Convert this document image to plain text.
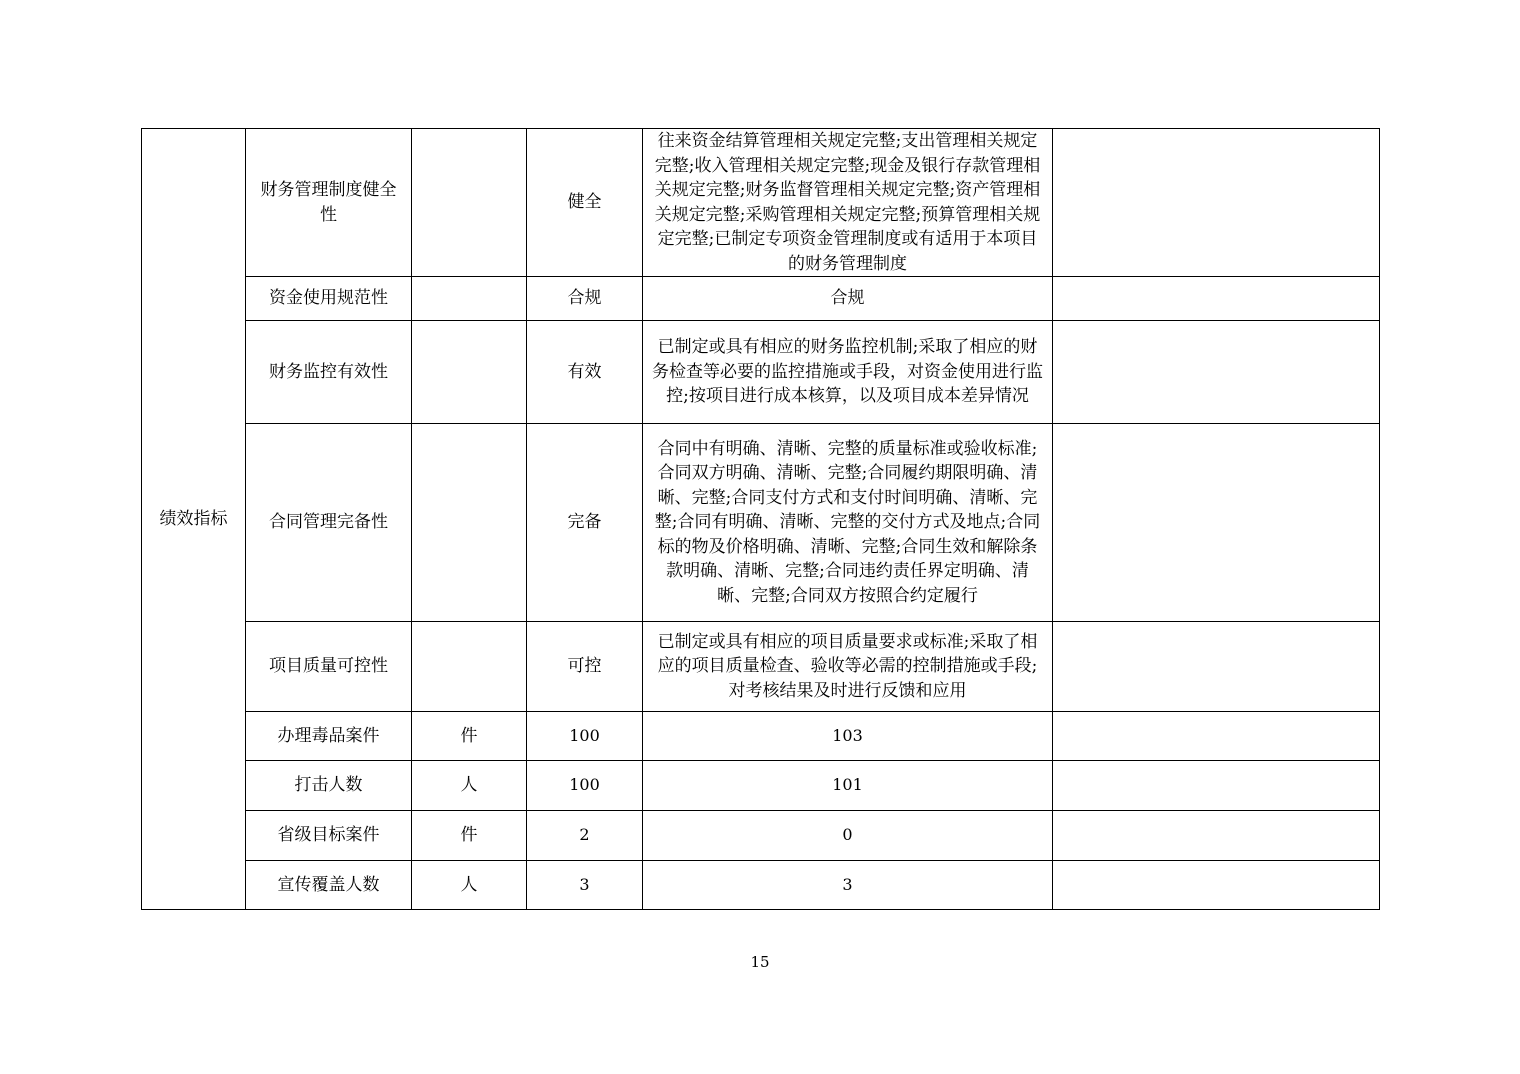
绩效指标	财务管理制度健全性		健全	往来资金结算管理相关规定完整;支出管理相关规定完整;收入管理相关规定完整;现金及银行存款管理相关规定完整;财务监督管理相关规定完整;资产管理相关规定完整;采购管理相关规定完整;预算管理相关规定完整;已制定专项资金管理制度或有适用于本项目的财务管理制度	
	资金使用规范性		合规	合规	
	财务监控有效性		有效	已制定或具有相应的财务监控机制;采取了相应的财务检查等必要的监控措施或手段，对资金使用进行监控;按项目进行成本核算，以及项目成本差异情况	
	合同管理完备性		完备	合同中有明确、清晰、完整的质量标准或验收标准;合同双方明确、清晰、完整;合同履约期限明确、清晰、完整;合同支付方式和支付时间明确、清晰、完整;合同有明确、清晰、完整的交付方式及地点;合同标的物及价格明确、清晰、完整;合同生效和解除条款明确、清晰、完整;合同违约责任界定明确、清晰、完整;合同双方按照合约定履行	
	项目质量可控性		可控	已制定或具有相应的项目质量要求或标准;采取了相应的项目质量检查、验收等必需的控制措施或手段;对考核结果及时进行反馈和应用	
	办理毒品案件	件	100	103	
	打击人数	人	100	101	
	省级目标案件	件	2	0	
	宣传覆盖人数	人	3	3	
15
